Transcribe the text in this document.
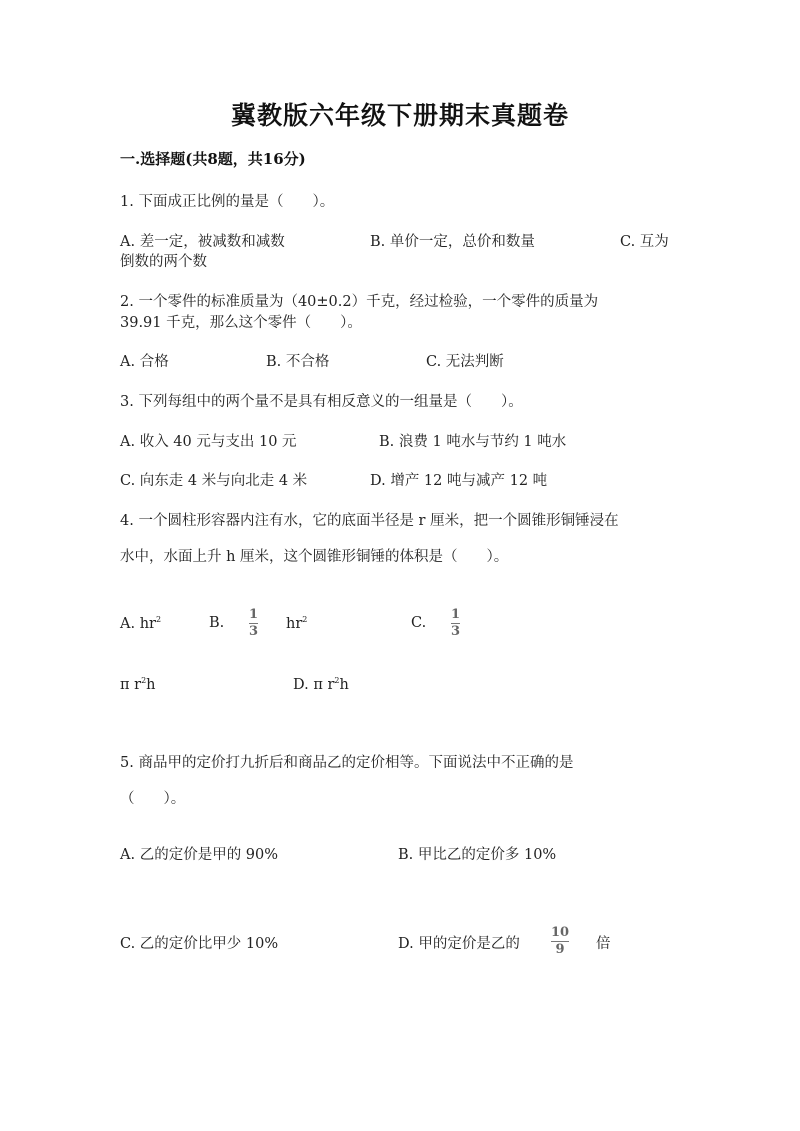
冀教版六年级下册期末真题卷
一.选择题(共8题，共16分)
1. 下面成正比例的量是（　　）。
A. 差一定，被减数和减数	B. 单价一定，总价和数量	C. 互为
倒数的两个数
2. 一个零件的标准质量为（40±0.2）千克，经过检验，一个零件的质量为
39.91 千克，那么这个零件（　　）。
A. 合格	B. 不合格	C. 无法判断
3. 下列每组中的两个量不是具有相反意义的一组量是（　　）。
A. 收入 40 元与支出 10 元	B. 浪费 1 吨水与节约 1 吨水
C. 向东走 4 米与向北走 4 米	D. 增产 12 吨与减产 12 吨
4. 一个圆柱形容器内注有水，它的底面半径是 r 厘米，把一个圆锥形铜锤浸在
水中，水面上升 h 厘米，这个圆锥形铜锤的体积是（　　）。
A. $hr^2$	B.
1
3 $hr^2$	C.
1
3
π $r^2h$	D. π $r^2h$
5. 商品甲的定价打九折后和商品乙的定价相等。下面说法中不正确的是
（　　）。
A. 乙的定价是甲的 90%	B. 甲比乙的定价多 10%
C. 乙的定价比甲少 10%	D. 甲的定价是乙的
10
9 倍
